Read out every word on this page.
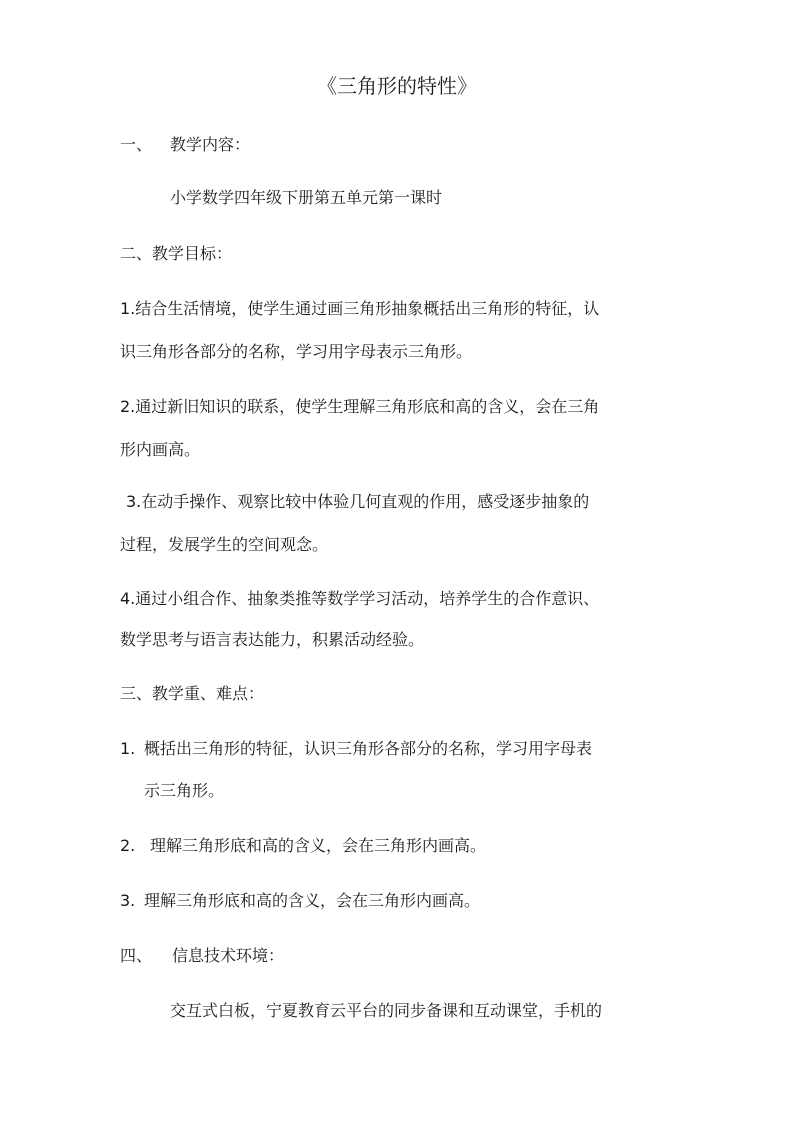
《三角形的特性》
一、 教学内容：
小学数学四年级下册第五单元第一课时
二、教学目标：
1.结合生活情境，使学生通过画三角形抽象概括出三角形的特征，认
识三角形各部分的名称，学习用字母表示三角形。
2.通过新旧知识的联系，使学生理解三角形底和高的含义，会在三角
形内画高。
3.在动手操作、观察比较中体验几何直观的作用，感受逐步抽象的
过程，发展学生的空间观念。
4.通过小组合作、抽象类推等数学学习活动，培养学生的合作意识、
数学思考与语言表达能力，积累活动经验。
三、教学重、难点：
1. 概括出三角形的特征，认识三角形各部分的名称，学习用字母表
示三角形。
2. 理解三角形底和高的含义，会在三角形内画高。
3. 理解三角形底和高的含义，会在三角形内画高。
四、 信息技术环境：
交互式白板，宁夏教育云平台的同步备课和互动课堂，手机的
